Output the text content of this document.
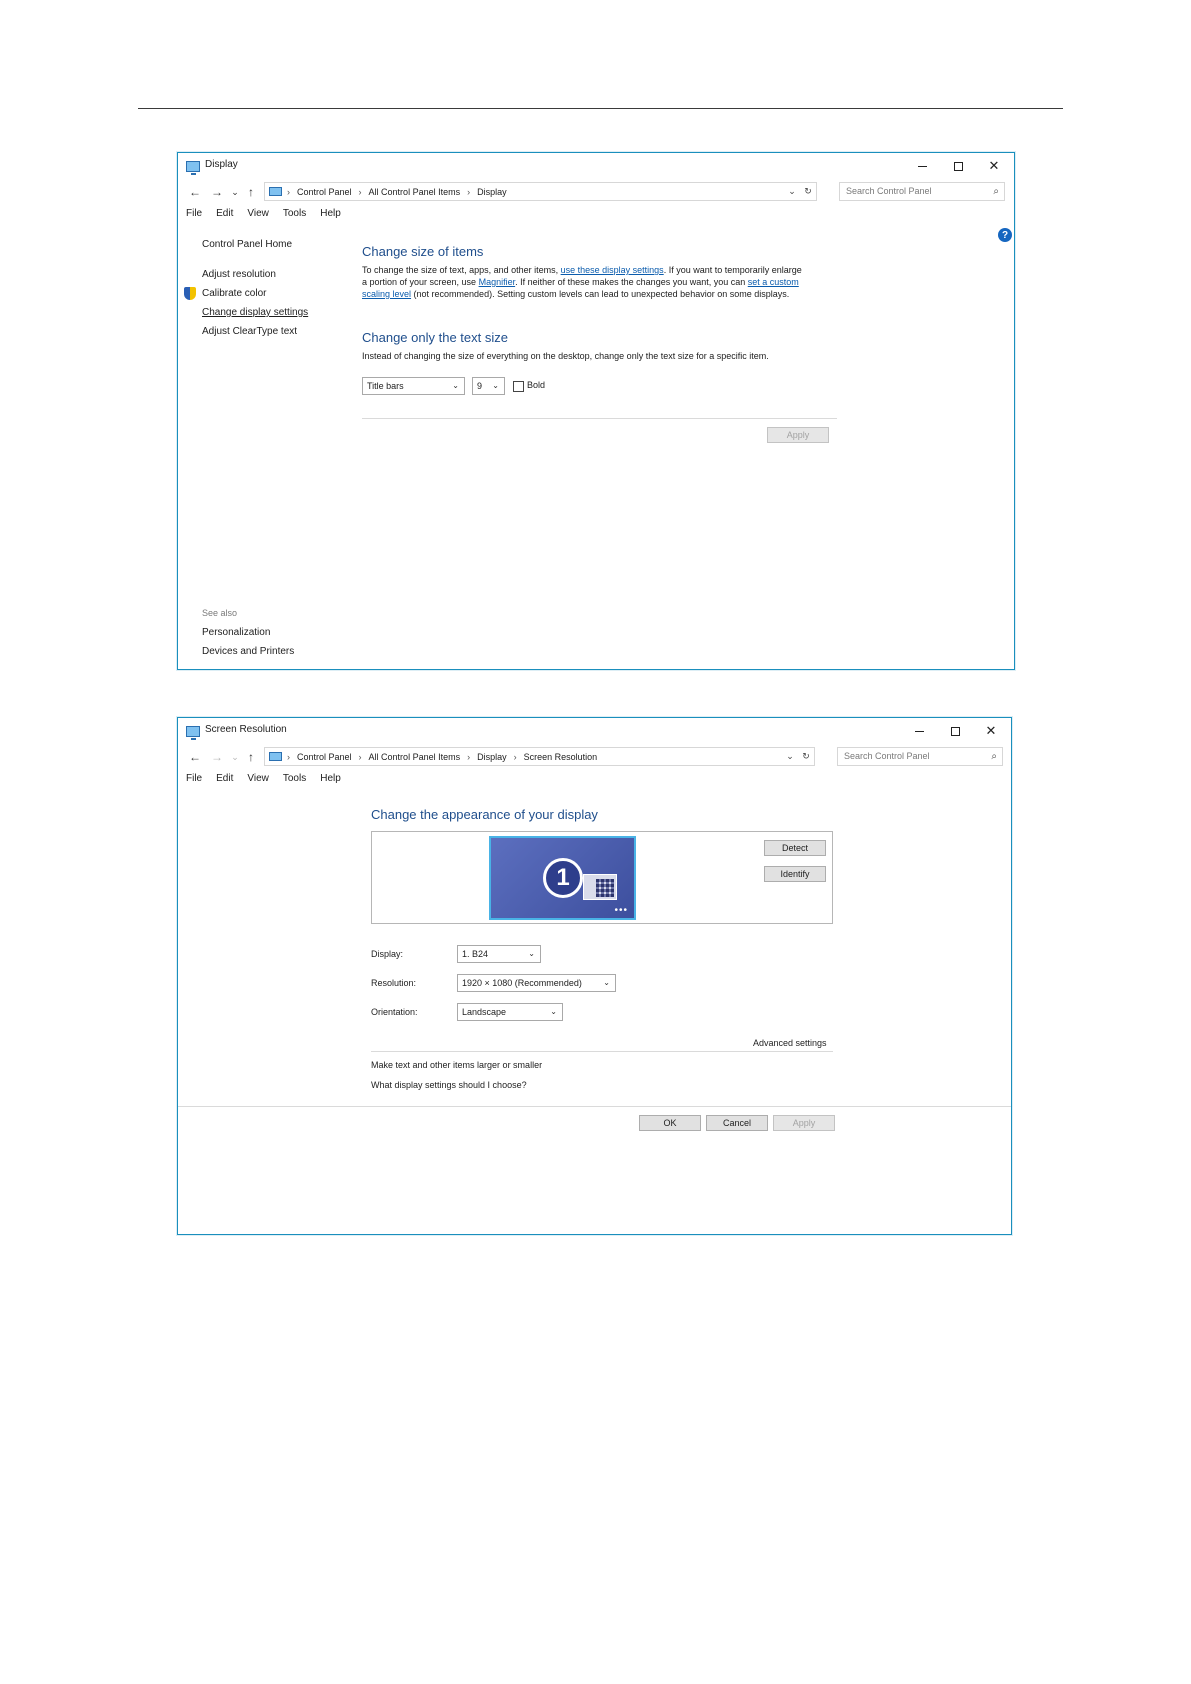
Display	✕
← → ⌄ ↑	› Control Panel › All Control Panel Items › Display	⌄ ↻	Search Control Panel	⌕
File Edit View Tools Help
?
Control Panel Home
Adjust resolution
Calibrate color
Change display settings
Adjust ClearType text
See also
Personalization
Devices and Printers
Change size of items
To change the size of text, apps, and other items, use these display settings. If you want to temporarily enlarge
a portion of your screen, use Magnifier. If neither of these makes the changes you want, you can set a custom
scaling level (not recommended). Setting custom levels can lead to unexpected behavior on some displays.
Change only the text size
Instead of changing the size of everything on the desktop, change only the text size for a specific item.
Title bars	⌄	9 ⌄	Bold
Apply
Screen Resolution	✕
← → ⌄ ↑	› Control Panel › All Control Panel Items › Display › Screen Resolution	⌄ ↻	Search Control Panel	⌕
File Edit View Tools Help
Change the appearance of your display
1
•••
Detect
Identify
Display:	1. B24	⌄
Resolution:	1920 × 1080 (Recommended)	⌄
Orientation:	Landscape	⌄
Advanced settings
Make text and other items larger or smaller
What display settings should I choose?
OK	Cancel	Apply
